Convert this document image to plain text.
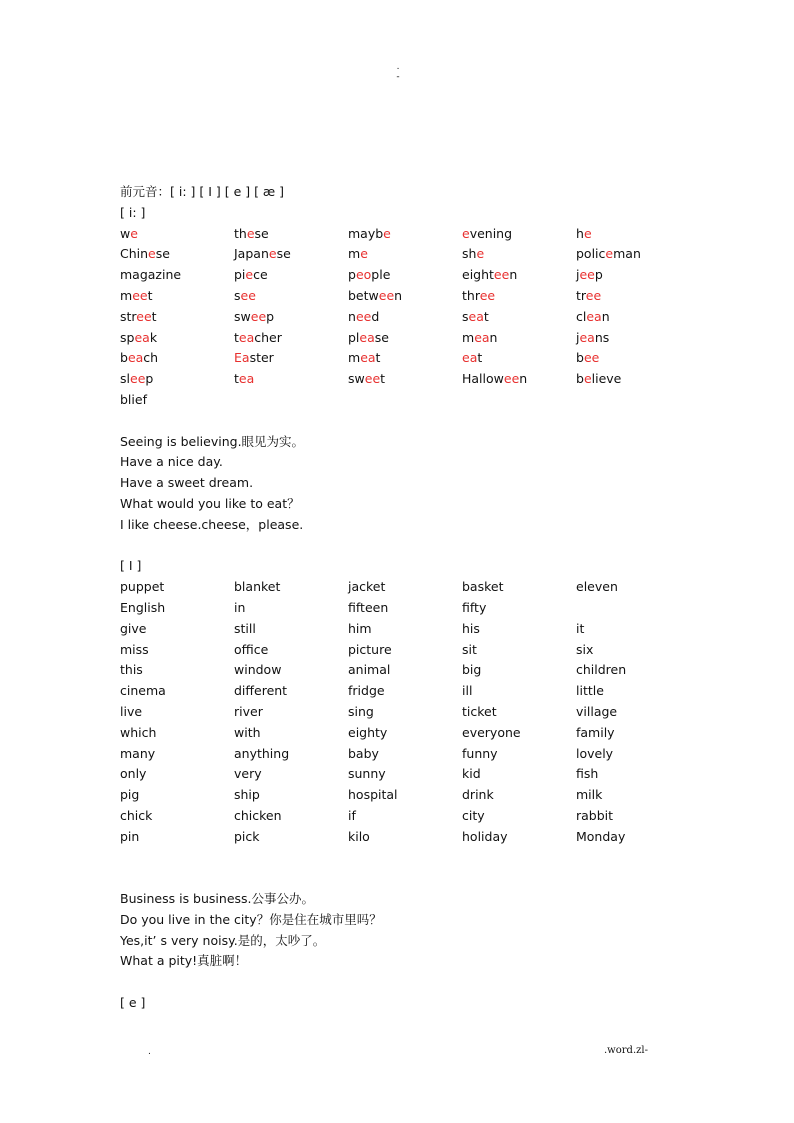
.
-
前元音：[ i: ] [ I ] [ e ] [ æ ]
[ i: ]
we	these	maybe	evening	he
Chinese	Japanese	me	she	policeman
magazine	piece	people	eighteen	jeep
meet	see	between	three	tree
street	sweep	need	seat	clean
speak	teacher	please	mean	jeans
beach	Easter	meat	eat	bee
sleep	tea	sweet	Halloween	believe
blief
Seeing is believing.眼见为实。
Have a nice day.
Have a sweet dream.
What would you like to eat？
I like cheese.cheese，please.
[ I ]
puppet	blanket	jacket	basket	eleven
English	in	fifteen	fifty
give	still	him	his	it
miss	office	picture	sit	six
this	window	animal	big	children
cinema	different	fridge	ill	little
live	river	sing	ticket	village
which	with	eighty	everyone	family
many	anything	baby	funny	lovely
only	very	sunny	kid	fish
pig	ship	hospital	drink	milk
chick	chicken	if	city	rabbit
pin	pick	kilo	holiday	Monday
Business is business.公事公办。
Do you live in the city？你是住在城市里吗？
Yes,it’ s very noisy.是的，太吵了。
What a pity!真脏啊！
[ e ]
.	.word.zl-
